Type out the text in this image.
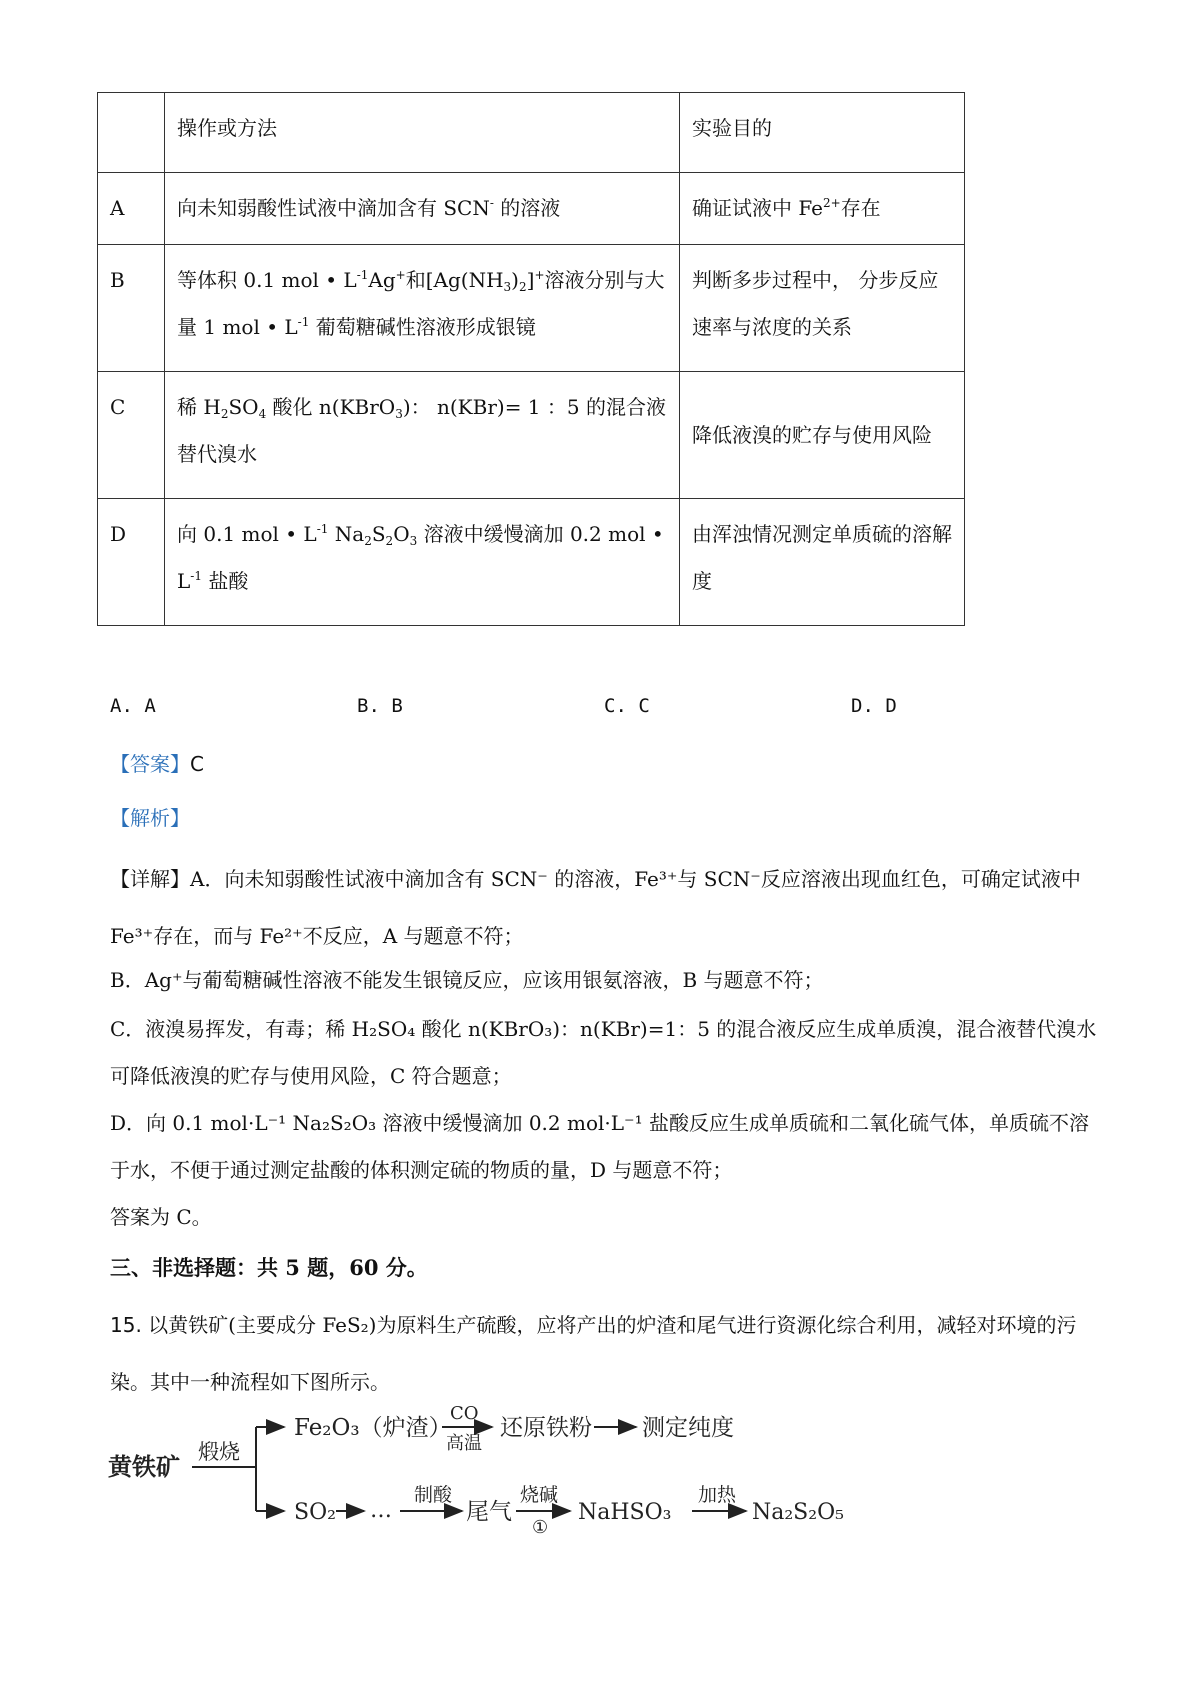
	操作或方法	实验目的
A	向未知弱酸性试液中滴加含有 SCN- 的溶液	确证试液中 $Fe^{2+}$存在
B	等体积 0.1 mol • $L^{-1}Ag^+$和$[Ag(NH_3)_2]^+$溶液分别与大量 1 mol • $L^{-1}$ 葡萄糖碱性溶液形成银镜	判断多步过程中， 分步反应速率与浓度的关系
C	稀 $H_2SO_4$ 酸化 n(KBrO$_3$)： n(KBr)= 1 ：5 的混合液替代溴水	降低液溴的贮存与使用风险
D	向 0.1 mol • $L^{-1}$ $Na_2S_2O_3$ 溶液中缓慢滴加 0.2 mol • $L^{-1}$ 盐酸	由浑浊情况测定单质硫的溶解度
A. A	B. B	C. C	D. D
【答案】C
【解析】
【详解】A．向未知弱酸性试液中滴加含有 SCN⁻ 的溶液，Fe³⁺与 SCN⁻反应溶液出现血红色，可确定试液中 Fe³⁺存在，而与 Fe²⁺不反应，A 与题意不符；
B．Ag⁺与葡萄糖碱性溶液不能发生银镜反应，应该用银氨溶液，B 与题意不符；
C．液溴易挥发，有毒；稀 H₂SO₄ 酸化 n(KBrO₃)：n(KBr)=1：5 的混合液反应生成单质溴，混合液替代溴水可降低液溴的贮存与使用风险，C 符合题意；
D．向 0.1 mol·L⁻¹ Na₂S₂O₃ 溶液中缓慢滴加 0.2 mol·L⁻¹ 盐酸反应生成单质硫和二氧化硫气体，单质硫不溶于水，不便于通过测定盐酸的体积测定硫的物质的量，D 与题意不符；
答案为 C。
三、非选择题：共 5 题，60 分。
15. 以黄铁矿(主要成分 FeS₂)为原料生产硫酸，应将产出的炉渣和尾气进行资源化综合利用，减轻对环境的污染。其中一种流程如下图所示。
黄铁矿 煅烧
Fe₂O₃（炉渣）
CO
高温
还原铁粉 测定纯度
SO₂ …
制酸
尾气
烧碱
①
NaHSO₃
加热
Na₂S₂O₅
